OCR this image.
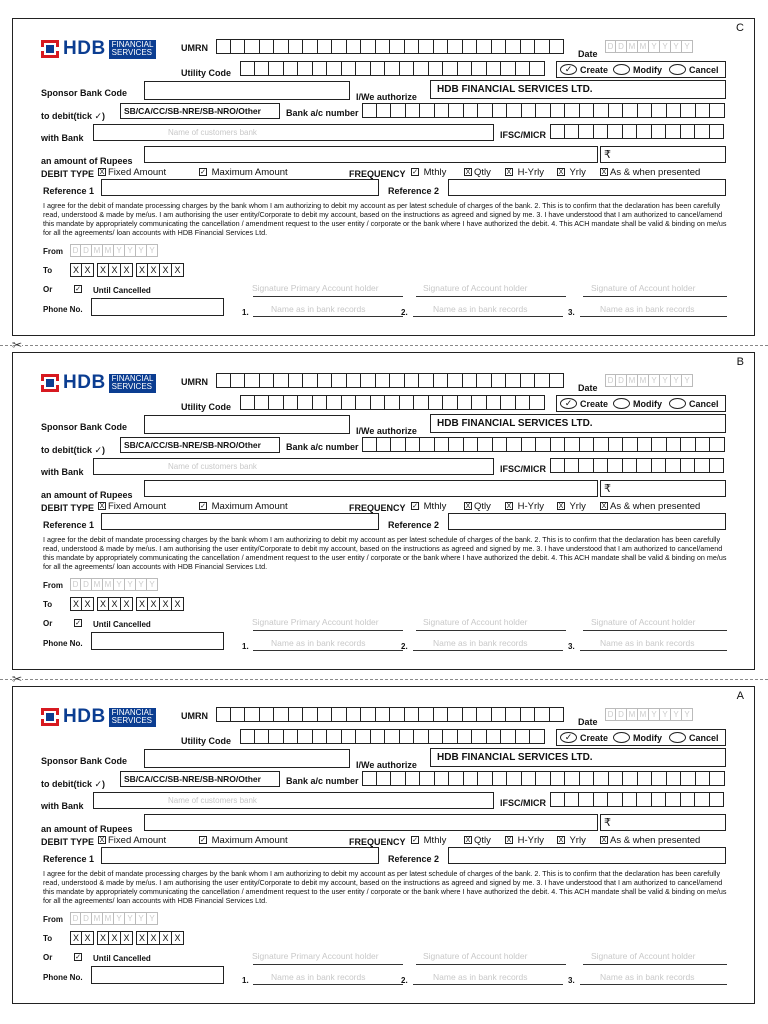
C
HDB FINANCIAL
SERVICES	UMRN
Date
D D M M Y Y Y Y
Utility Code	✓ Create	Modify	Cancel
Sponsor Bank Code	I/We authorize
HDB FINANCIAL SERVICES LTD.
to debit(tick ✓) SB/CA/CC/SB-NRE/SB-NRO/Other	Bank a/c number
with Bank
Name of customers bank	IFSC/MICR
an amount of Rupees	₹
DEBIT TYPE X Fixed Amount	✓ Maximum Amount	FREQUENCY ✓ Mthly	X Qtly X H-Yrly X Yrly X As & when presented
Reference 1	Reference 2
I agree for the debit of mandate processing charges by the bank whom I am authorizing to debit my account as per latest schedule of charges of the bank. 2. This is to confirm that the declaration has been carefully read, understood & made by me/us. I am authorising the user entity/Corporate to debit my account, based on the instructions as agreed and signed by me. 3. I have understood that I am authorized to cancel/amend this mandate by appropriately communicating the cancellation / amendment request to the user entity / corporate or the bank where I have authorized the debit. 4. This ACH mandate shall be valid & binding on me/us for all the agreements/ loan accounts with HDB Financial Services Ltd.
From	D D M M Y Y Y Y
To	X X	X X X	X X X X
Or	✓ Until Cancelled
Phone No.
Signature Primary Account holder	Signature of Account holder	Signature of Account holder
1.	Name as in bank records	2.	Name as in bank records	3.	Name as in bank records
B
HDB FINANCIAL
SERVICES	UMRN
Date
D D M M Y Y Y Y
Utility Code	✓ Create	Modify	Cancel
Sponsor Bank Code	I/We authorize
HDB FINANCIAL SERVICES LTD.
to debit(tick ✓) SB/CA/CC/SB-NRE/SB-NRO/Other	Bank a/c number
with Bank
Name of customers bank	IFSC/MICR
an amount of Rupees	₹
DEBIT TYPE X Fixed Amount	✓ Maximum Amount	FREQUENCY ✓ Mthly	X Qtly X H-Yrly X Yrly X As & when presented
Reference 1	Reference 2
I agree for the debit of mandate processing charges by the bank whom I am authorizing to debit my account as per latest schedule of charges of the bank. 2. This is to confirm that the declaration has been carefully read, understood & made by me/us. I am authorising the user entity/Corporate to debit my account, based on the instructions as agreed and signed by me. 3. I have understood that I am authorized to cancel/amend this mandate by appropriately communicating the cancellation / amendment request to the user entity / corporate or the bank where I have authorized the debit. 4. This ACH mandate shall be valid & binding on me/us for all the agreements/ loan accounts with HDB Financial Services Ltd.
From	D D M M Y Y Y Y
To	X X	X X X	X X X X
Or	✓ Until Cancelled
Phone No.
Signature Primary Account holder	Signature of Account holder	Signature of Account holder
1.	Name as in bank records	2.	Name as in bank records	3.	Name as in bank records
A
HDB FINANCIAL
SERVICES	UMRN
Date
D D M M Y Y Y Y
Utility Code	✓ Create	Modify	Cancel
Sponsor Bank Code	I/We authorize
HDB FINANCIAL SERVICES LTD.
to debit(tick ✓) SB/CA/CC/SB-NRE/SB-NRO/Other	Bank a/c number
with Bank
Name of customers bank	IFSC/MICR
an amount of Rupees	₹
DEBIT TYPE X Fixed Amount	✓ Maximum Amount	FREQUENCY ✓ Mthly	X Qtly X H-Yrly X Yrly X As & when presented
Reference 1	Reference 2
I agree for the debit of mandate processing charges by the bank whom I am authorizing to debit my account as per latest schedule of charges of the bank. 2. This is to confirm that the declaration has been carefully read, understood & made by me/us. I am authorising the user entity/Corporate to debit my account, based on the instructions as agreed and signed by me. 3. I have understood that I am authorized to cancel/amend this mandate by appropriately communicating the cancellation / amendment request to the user entity / corporate or the bank where I have authorized the debit. 4. This ACH mandate shall be valid & binding on me/us for all the agreements/ loan accounts with HDB Financial Services Ltd.
From	D D M M Y Y Y Y
To	X X	X X X	X X X X
Or	✓ Until Cancelled
Phone No.
Signature Primary Account holder	Signature of Account holder	Signature of Account holder
1.	Name as in bank records	2.	Name as in bank records	3.	Name as in bank records
✂
✂
